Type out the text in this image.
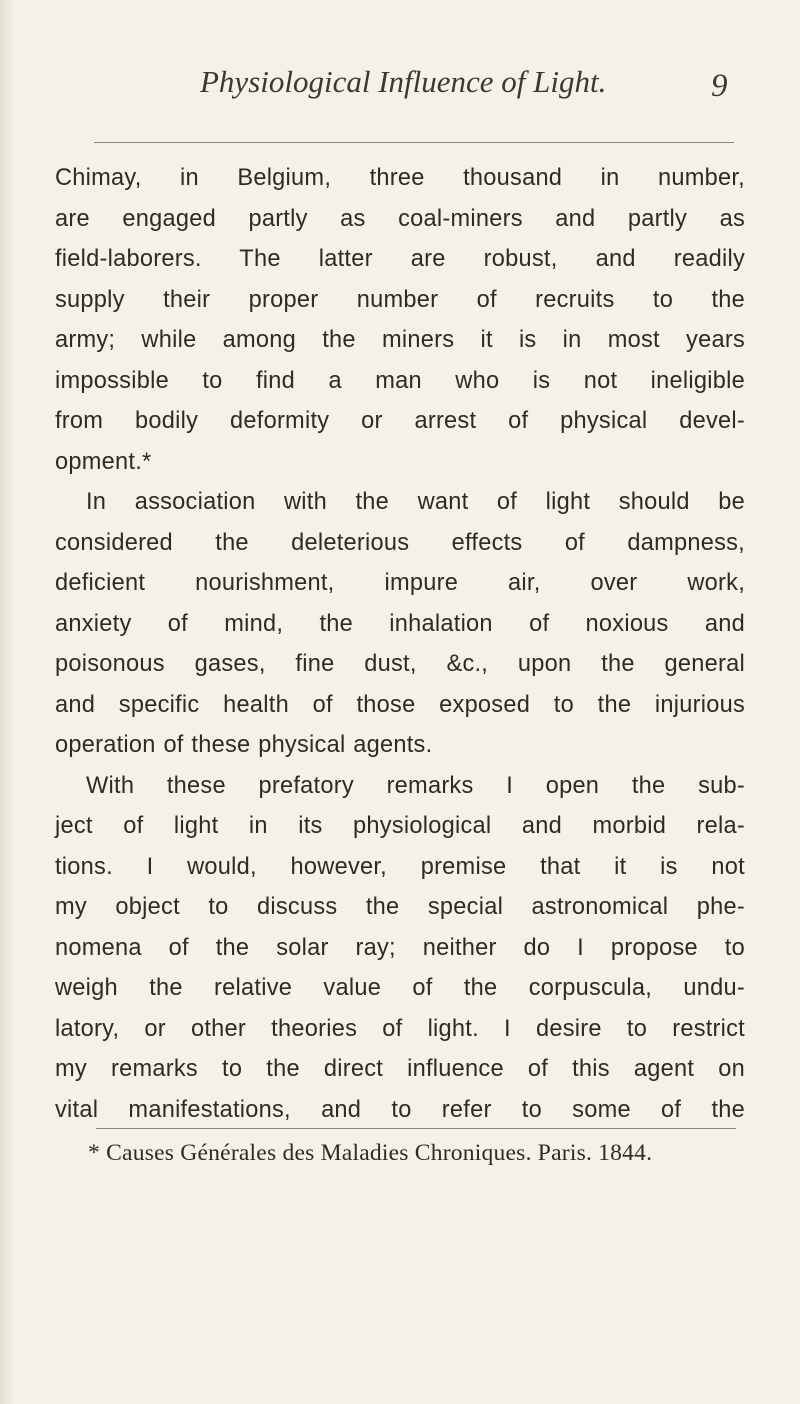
Physiological Influence of Light.	9
Chimay, in Belgium, three thousand in number,
are engaged partly as coal-miners and partly as
field-laborers. The latter are robust, and readily
supply their proper number of recruits to the
army; while among the miners it is in most years
impossible to find a man who is not ineligible
from bodily deformity or arrest of physical devel-
opment.*
In association with the want of light should be
considered the deleterious effects of dampness,
deficient nourishment, impure air, over work,
anxiety of mind, the inhalation of noxious and
poisonous gases, fine dust, &c., upon the general
and specific health of those exposed to the injurious
operation of these physical agents.
With these prefatory remarks I open the sub-
ject of light in its physiological and morbid rela-
tions. I would, however, premise that it is not
my object to discuss the special astronomical phe-
nomena of the solar ray; neither do I propose to
weigh the relative value of the corpuscula, undu-
latory, or other theories of light. I desire to restrict
my remarks to the direct influence of this agent on
vital manifestations, and to refer to some of the
* Causes Générales des Maladies Chroniques. Paris. 1844.
